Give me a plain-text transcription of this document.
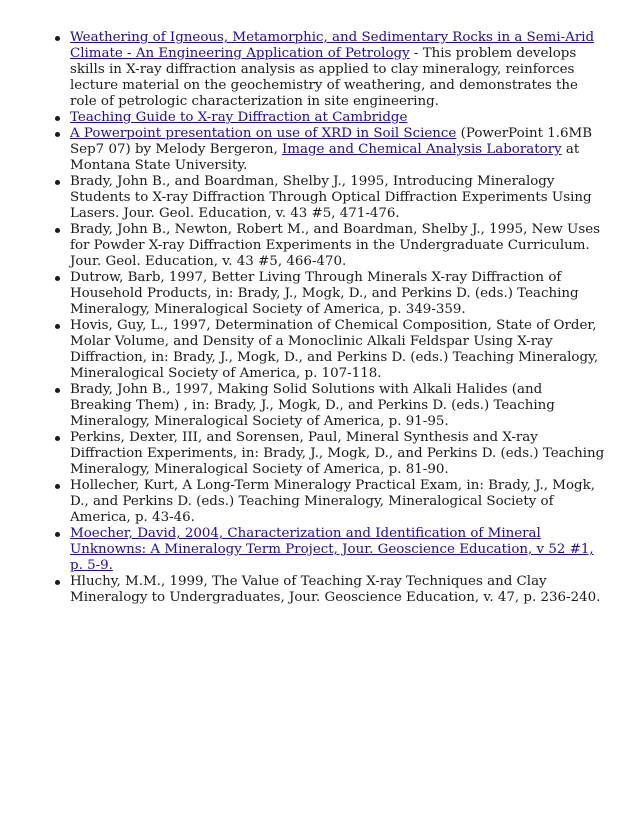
Weathering of Igneous, Metamorphic, and Sedimentary Rocks in a Semi-Arid Climate - An Engineering Application of Petrology - This problem develops skills in X-ray diffraction analysis as applied to clay mineralogy, reinforces lecture material on the geochemistry of weathering, and demonstrates the role of petrologic characterization in site engineering.
Teaching Guide to X-ray Diffraction at Cambridge
A Powerpoint presentation on use of XRD in Soil Science (PowerPoint 1.6MB Sep7 07) by Melody Bergeron, Image and Chemical Analysis Laboratory at Montana State University.
Brady, John B., and Boardman, Shelby J., 1995, Introducing Mineralogy Students to X-ray Diffraction Through Optical Diffraction Experiments Using Lasers. Jour. Geol. Education, v. 43 #5, 471-476.
Brady, John B., Newton, Robert M., and Boardman, Shelby J., 1995, New Uses for Powder X-ray Diffraction Experiments in the Undergraduate Curriculum. Jour. Geol. Education, v. 43 #5, 466-470.
Dutrow, Barb, 1997, Better Living Through Minerals X-ray Diffraction of Household Products, in: Brady, J., Mogk, D., and Perkins D. (eds.) Teaching Mineralogy, Mineralogical Society of America, p. 349-359.
Hovis, Guy, L., 1997, Determination of Chemical Composition, State of Order, Molar Volume, and Density of a Monoclinic Alkali Feldspar Using X-ray Diffraction, in: Brady, J., Mogk, D., and Perkins D. (eds.) Teaching Mineralogy, Mineralogical Society of America, p. 107-118.
Brady, John B., 1997, Making Solid Solutions with Alkali Halides (and Breaking Them) , in: Brady, J., Mogk, D., and Perkins D. (eds.) Teaching Mineralogy, Mineralogical Society of America, p. 91-95.
Perkins, Dexter, III, and Sorensen, Paul, Mineral Synthesis and X-ray Diffraction Experiments, in: Brady, J., Mogk, D., and Perkins D. (eds.) Teaching Mineralogy, Mineralogical Society of America, p. 81-90.
Hollecher, Kurt, A Long-Term Mineralogy Practical Exam, in: Brady, J., Mogk, D., and Perkins D. (eds.) Teaching Mineralogy, Mineralogical Society of America, p. 43-46.
Moecher, David, 2004, Characterization and Identification of Mineral Unknowns: A Mineralogy Term Project, Jour. Geoscience Education, v 52 #1, p. 5-9.
Hluchy, M.M., 1999, The Value of Teaching X-ray Techniques and Clay Mineralogy to Undergraduates, Jour. Geoscience Education, v. 47, p. 236-240.
